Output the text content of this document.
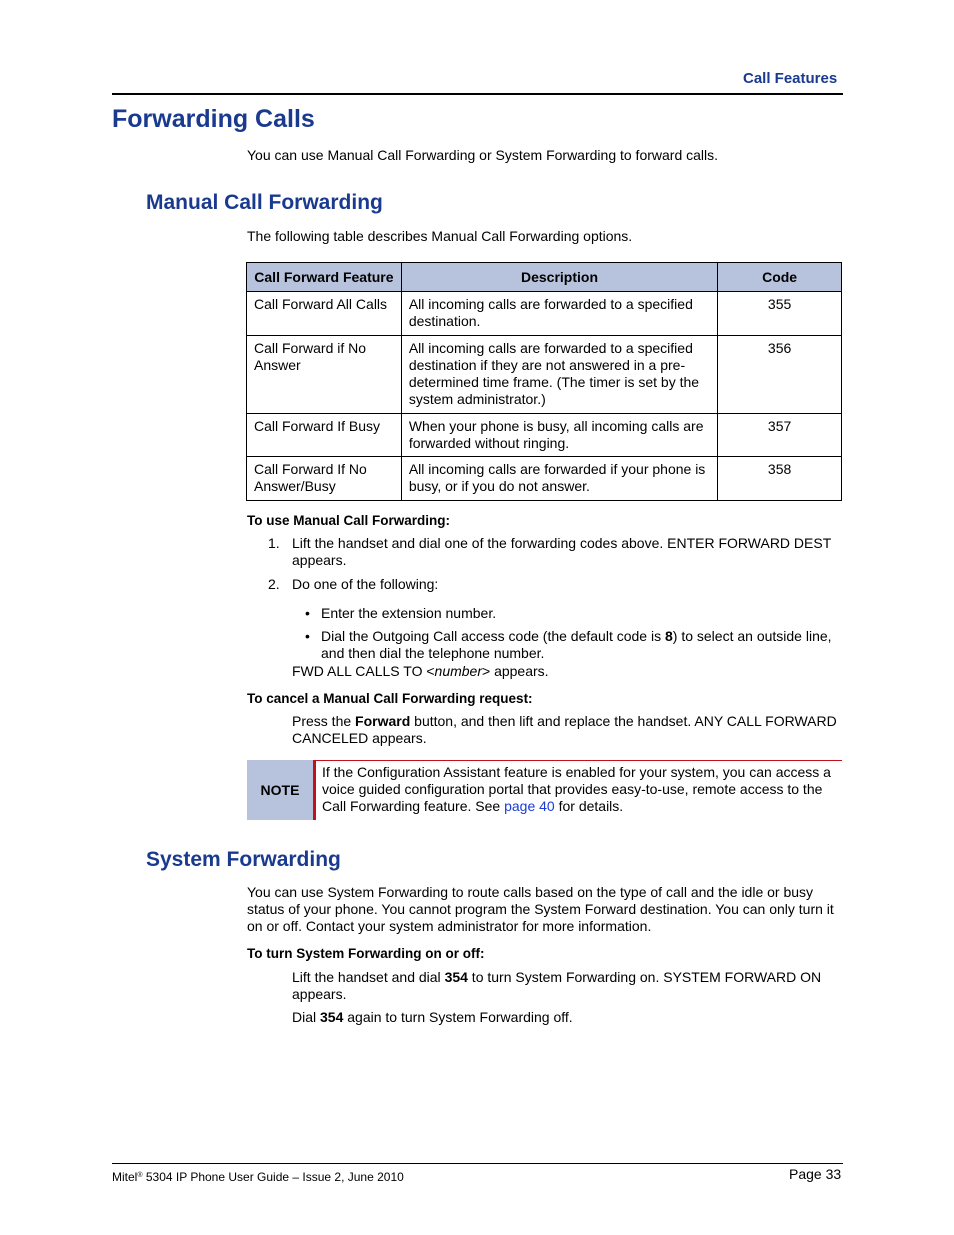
Call Features
Forwarding Calls
You can use Manual Call Forwarding or System Forwarding to forward calls.
Manual Call Forwarding
The following table describes Manual Call Forwarding options.
Call Forward Feature	Description	Code
Call Forward All Calls	All incoming calls are forwarded to a specified destination.	355
Call Forward if No Answer	All incoming calls are forwarded to a specified destination if they are not answered in a pre-determined time frame. (The timer is set by the system administrator.)	356
Call Forward If Busy	When your phone is busy, all incoming calls are forwarded without ringing.	357
Call Forward If No Answer/Busy	All incoming calls are forwarded if your phone is busy, or if you do not answer.	358
To use Manual Call Forwarding:
1. Lift the handset and dial one of the forwarding codes above. ENTER FORWARD DEST appears.
2. Do one of the following:
• Enter the extension number.
• Dial the Outgoing Call access code (the default code is 8) to select an outside line, and then dial the telephone number.
FWD ALL CALLS TO <number> appears.
To cancel a Manual Call Forwarding request:
Press the Forward button, and then lift and replace the handset. ANY CALL FORWARD CANCELED appears.
NOTE
If the Configuration Assistant feature is enabled for your system, you can access a voice guided configuration portal that provides easy-to-use, remote access to the Call Forwarding feature. See page 40 for details.
System Forwarding
You can use System Forwarding to route calls based on the type of call and the idle or busy status of your phone. You cannot program the System Forward destination. You can only turn it on or off. Contact your system administrator for more information.
To turn System Forwarding on or off:
Lift the handset and dial 354 to turn System Forwarding on. SYSTEM FORWARD ON appears.
Dial 354 again to turn System Forwarding off.
Mitel® 5304 IP Phone User Guide – Issue 2, June 2010	Page 33
